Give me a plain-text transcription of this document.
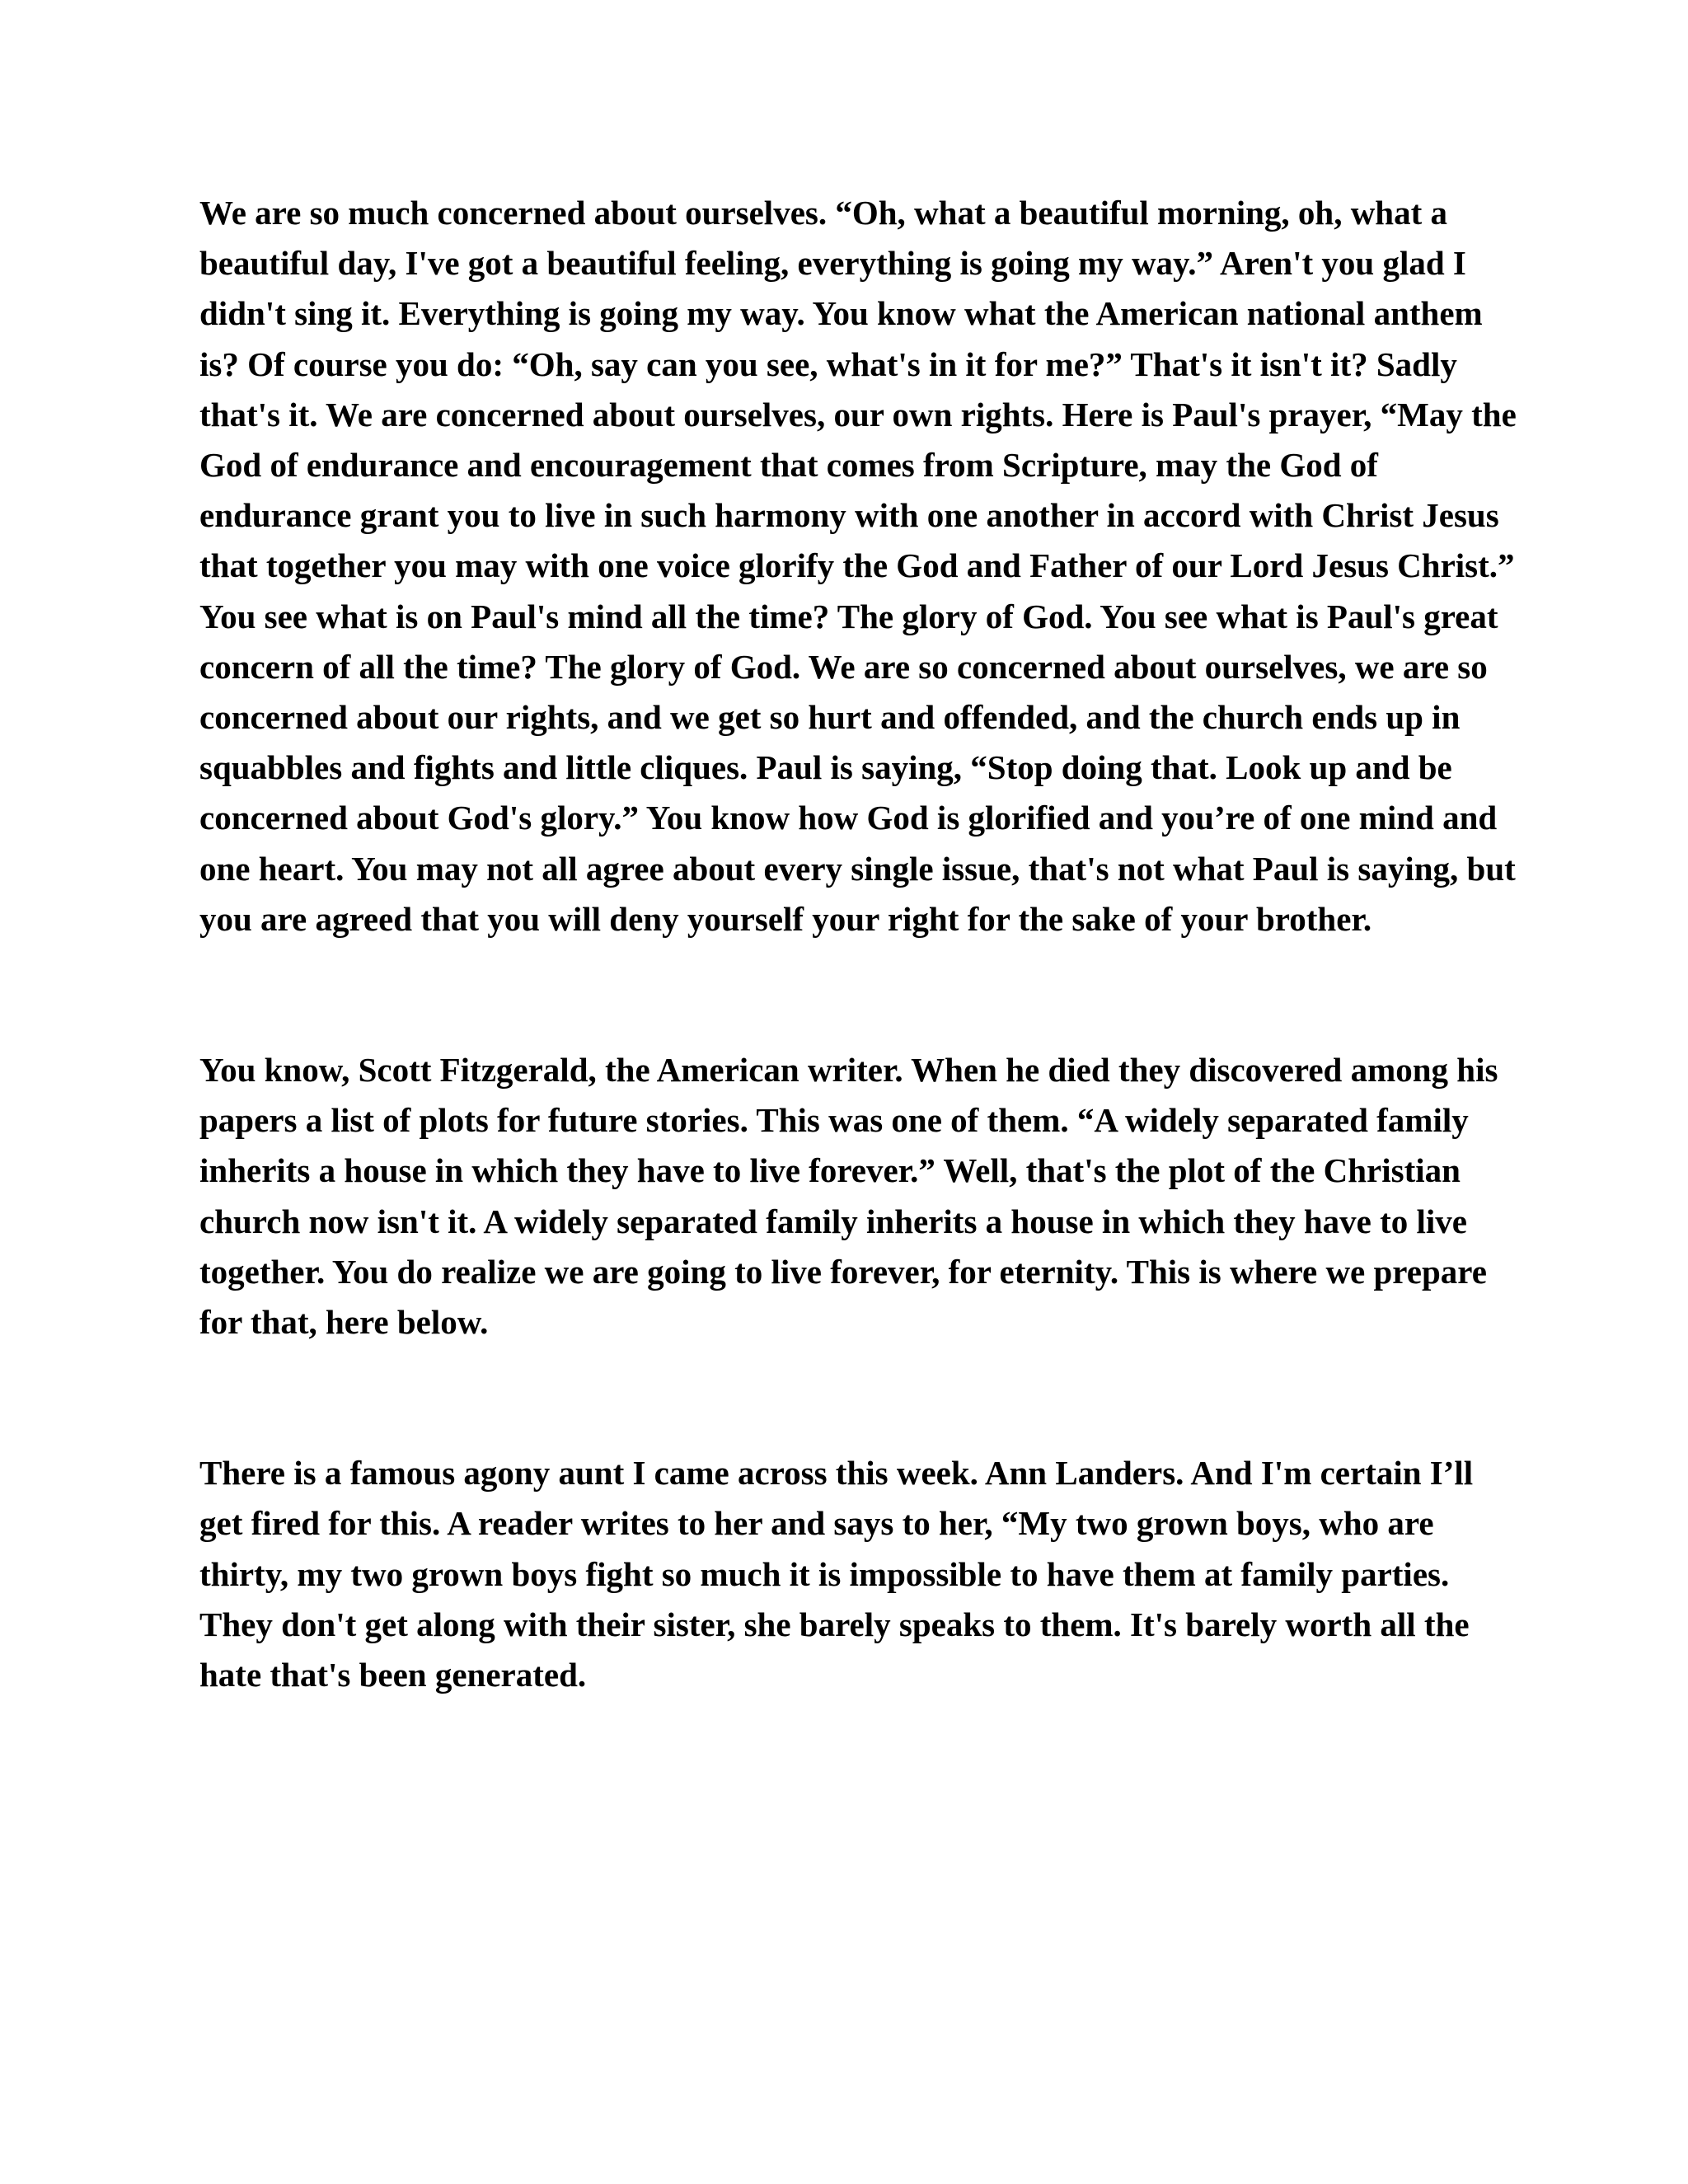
We are so much concerned about ourselves. “Oh, what a beautiful morning, oh, what a beautiful day, I've got a beautiful feeling, everything is going my way.” Aren't you glad I didn't sing it. Everything is going my way. You know what the American national anthem is? Of course you do: “Oh, say can you see, what's in it for me?” That's it isn't it? Sadly that's it. We are concerned about ourselves, our own rights. Here is Paul's prayer, “May the God of endurance and encouragement that comes from Scripture, may the God of endurance grant you to live in such harmony with one another in accord with Christ Jesus that together you may with one voice glorify the God and Father of our Lord Jesus Christ.” You see what is on Paul's mind all the time? The glory of God. You see what is Paul's great concern of all the time? The glory of God. We are so concerned about ourselves, we are so concerned about our rights, and we get so hurt and offended, and the church ends up in squabbles and fights and little cliques. Paul is saying, “Stop doing that. Look up and be concerned about God's glory.” You know how God is glorified and you’re of one mind and one heart. You may not all agree about every single issue, that's not what Paul is saying, but you are agreed that you will deny yourself your right for the sake of your brother.

You know, Scott Fitzgerald, the American writer. When he died they discovered among his papers a list of plots for future stories. This was one of them. “A widely separated family inherits a house in which they have to live forever.” Well, that's the plot of the Christian church now isn't it. A widely separated family inherits a house in which they have to live together. You do realize we are going to live forever, for eternity. This is where we prepare for that, here below.

There is a famous agony aunt I came across this week. Ann Landers. And I'm certain I’ll get fired for this. A reader writes to her and says to her, “My two grown boys, who are thirty, my two grown boys fight so much it is impossible to have them at family parties. They don't get along with their sister, she barely speaks to them. It's barely worth all the hate that's been generated.
